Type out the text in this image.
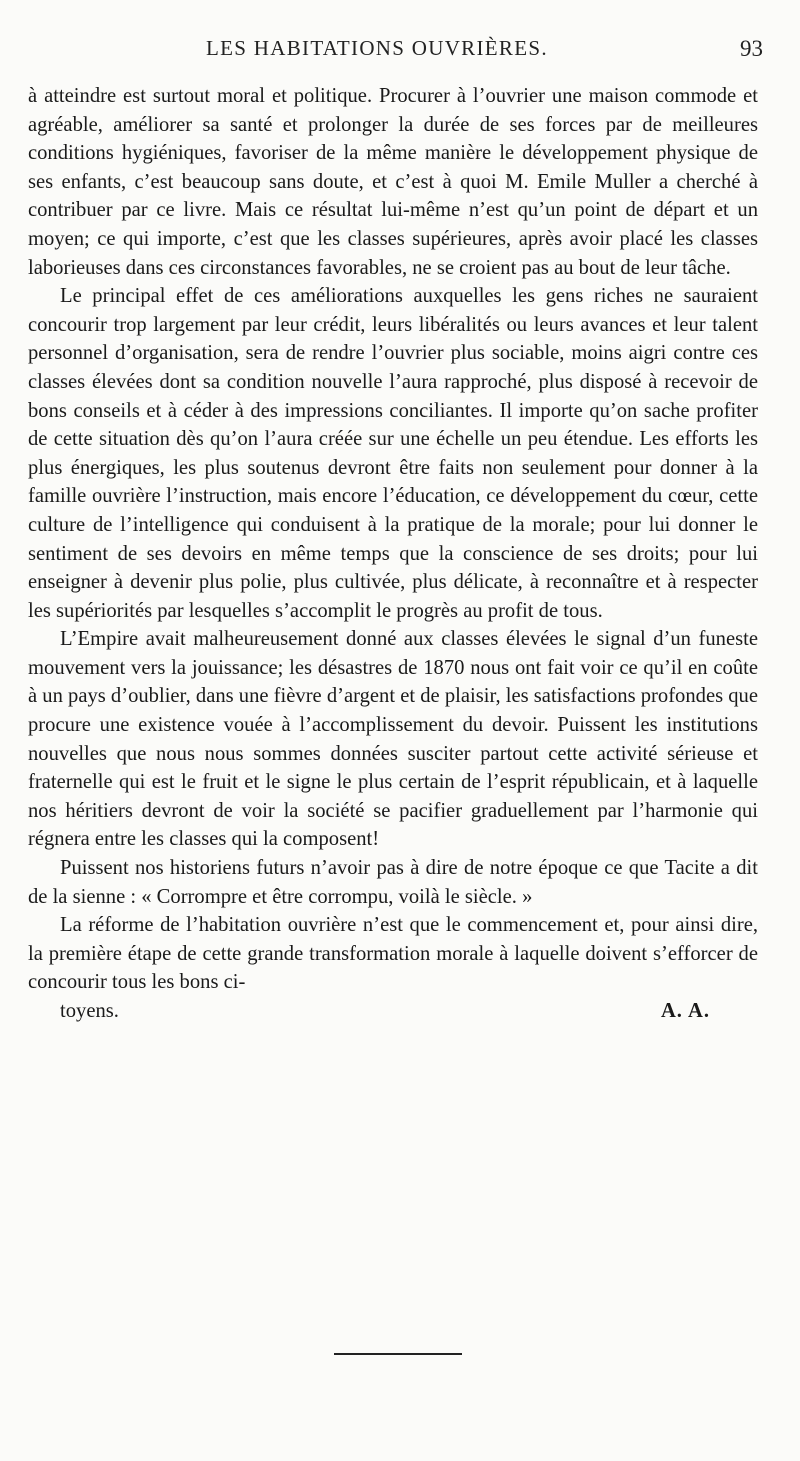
LES HABITATIONS OUVRIÈRES.	93

à atteindre est surtout moral et politique. Procurer à l’ouvrier une maison commode et agréable, améliorer sa santé et prolonger la durée de ses forces par de meilleures conditions hygiéniques, favoriser de la même manière le développement physique de ses enfants, c’est beaucoup sans doute, et c’est à quoi M. Emile Muller a cherché à contribuer par ce livre. Mais ce résultat lui-même n’est qu’un point de départ et un moyen; ce qui importe, c’est que les classes supérieures, après avoir placé les classes laborieuses dans ces circonstances favorables, ne se croient pas au bout de leur tâche.

Le principal effet de ces améliorations auxquelles les gens riches ne sauraient concourir trop largement par leur crédit, leurs libéralités ou leurs avances et leur talent personnel d’organisation, sera de rendre l’ouvrier plus sociable, moins aigri contre ces classes élevées dont sa condition nouvelle l’aura rapproché, plus disposé à recevoir de bons conseils et à céder à des impressions conciliantes. Il importe qu’on sache profiter de cette situation dès qu’on l’aura créée sur une échelle un peu étendue. Les efforts les plus énergiques, les plus soutenus devront être faits non seulement pour donner à la famille ouvrière l’instruction, mais encore l’éducation, ce développement du cœur, cette culture de l’intelligence qui conduisent à la pratique de la morale; pour lui donner le sentiment de ses devoirs en même temps que la conscience de ses droits; pour lui enseigner à devenir plus polie, plus cultivée, plus délicate, à reconnaître et à respecter les supériorités par lesquelles s’accomplit le progrès au profit de tous.

L’Empire avait malheureusement donné aux classes élevées le signal d’un funeste mouvement vers la jouissance; les désastres de 1870 nous ont fait voir ce qu’il en coûte à un pays d’oublier, dans une fièvre d’argent et de plaisir, les satisfactions profondes que procure une existence vouée à l’accomplissement du devoir. Puissent les institutions nouvelles que nous nous sommes données susciter partout cette activité sérieuse et fraternelle qui est le fruit et le signe le plus certain de l’esprit républicain, et à laquelle nos héritiers devront de voir la société se pacifier graduellement par l’harmonie qui régnera entre les classes qui la composent!

Puissent nos historiens futurs n’avoir pas à dire de notre époque ce que Tacite a dit de la sienne : « Corrompre et être corrompu, voilà le siècle. »

La réforme de l’habitation ouvrière n’est que le commencement et, pour ainsi dire, la première étape de cette grande transformation morale à laquelle doivent s’efforcer de concourir tous les bons ci-

toyens.	A. A.
